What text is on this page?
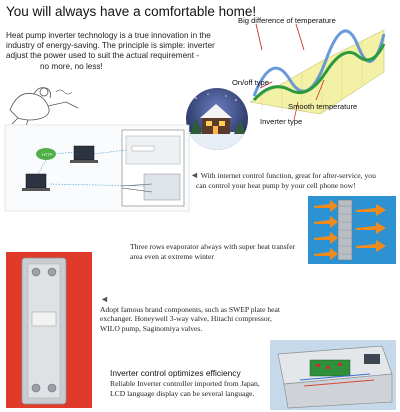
You will always have a comfortable home!
Heat pump inverter technology is a true innovation in the
industry of energy-saving. The principle is simple: inverter
adjust the power used to suit the actual requirement -
no more, no less!
Big difference of temperature
On/off type
Smooth temperature
Inverter type
HTTP
◄ With internet control function, great for after-service, you
can control your heat pump by your cell phone now!
Three rows evaporator always with super heat transfer
area even at extreme winter
◄
Adopt famous brand components, such as SWEP plate heat
exchanger. Honeywell 3-way valve, Hitachi compressor,
WILO pump, Saginomiya valves.
Inverter control optimizes efficiency
Reliable Inverter controller imported from Japan,
LCD language display can be several language.
